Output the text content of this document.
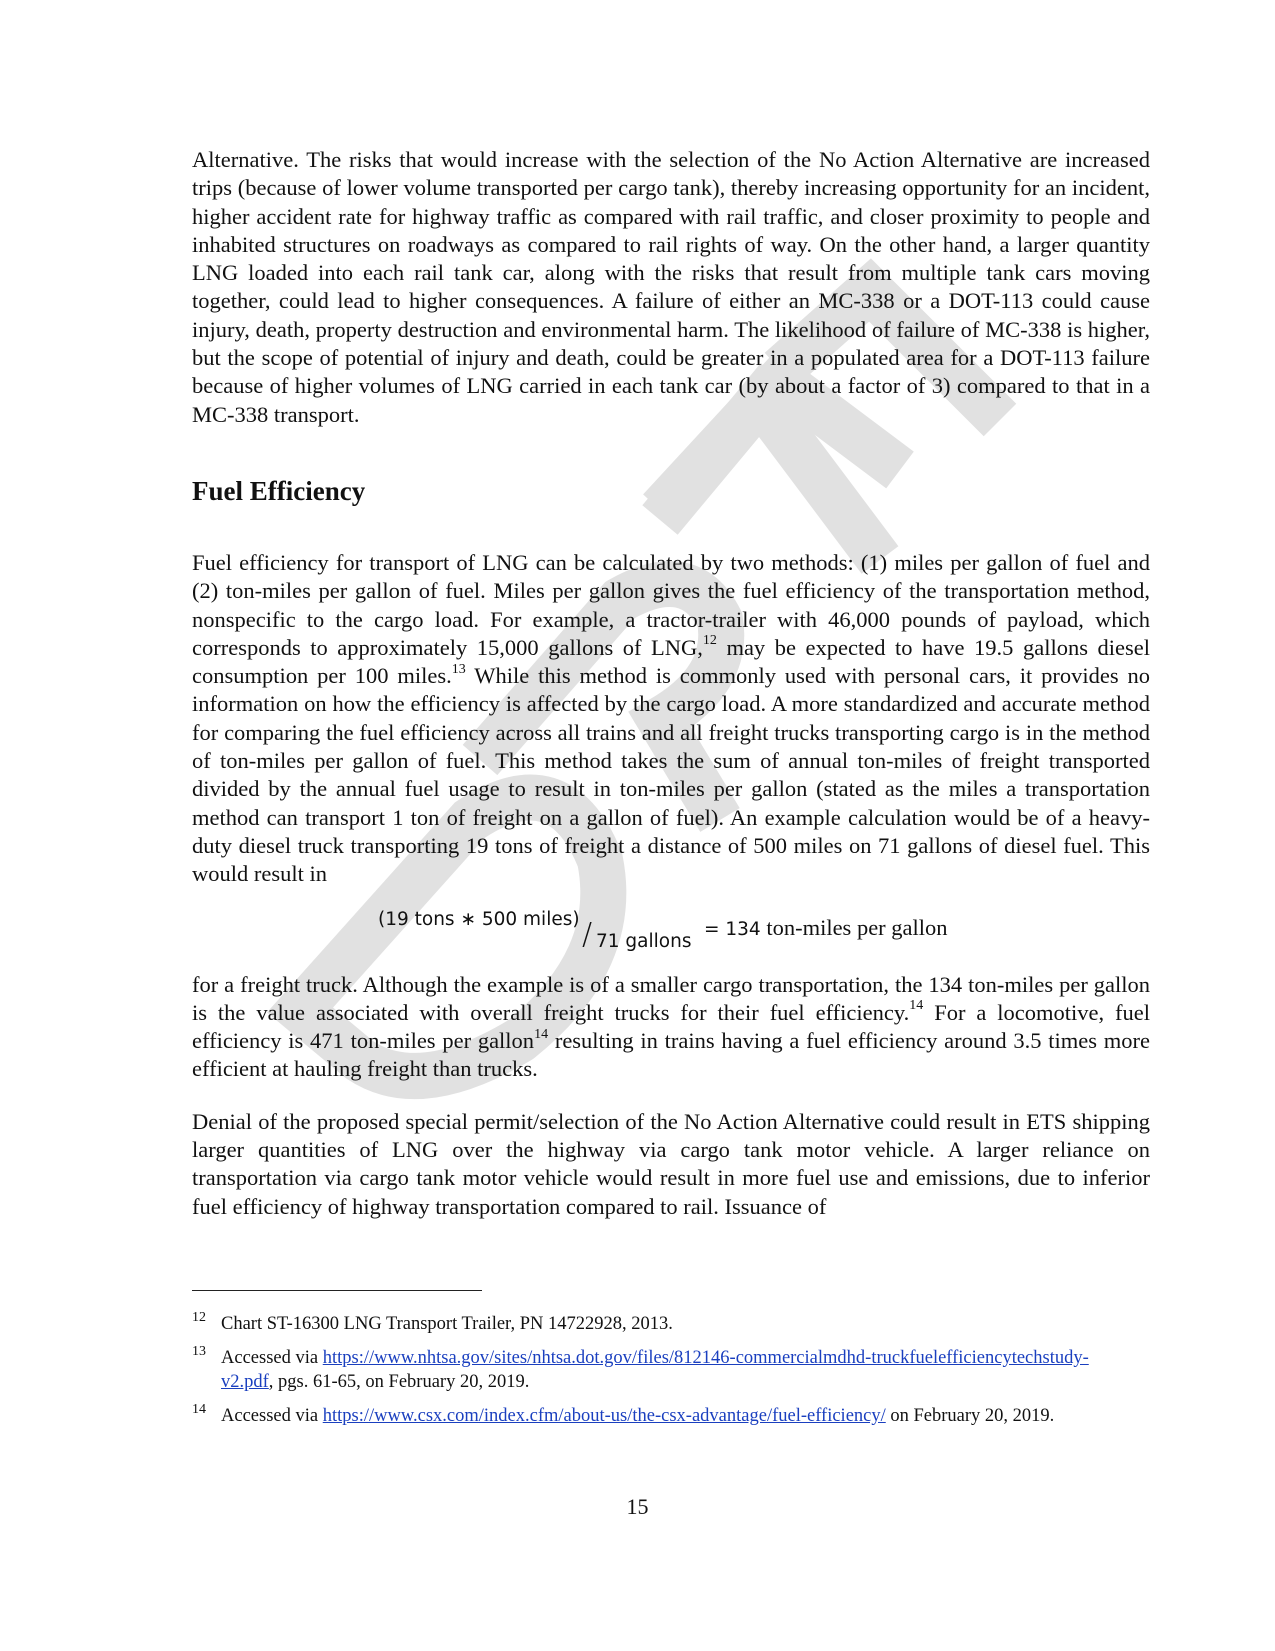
Alternative. The risks that would increase with the selection of the No Action Alternative are increased trips (because of lower volume transported per cargo tank), thereby increasing opportunity for an incident, higher accident rate for highway traffic as compared with rail traffic, and closer proximity to people and inhabited structures on roadways as compared to rail rights of way. On the other hand, a larger quantity LNG loaded into each rail tank car, along with the risks that result from multiple tank cars moving together, could lead to higher consequences. A failure of either an MC-338 or a DOT-113 could cause injury, death, property destruction and environmental harm. The likelihood of failure of MC-338 is higher, but the scope of potential of injury and death, could be greater in a populated area for a DOT-113 failure because of higher volumes of LNG carried in each tank car (by about a factor of 3) compared to that in a MC-338 transport.

Fuel Efficiency

Fuel efficiency for transport of LNG can be calculated by two methods: (1) miles per gallon of fuel and (2) ton-miles per gallon of fuel. Miles per gallon gives the fuel efficiency of the transportation method, nonspecific to the cargo load. For example, a tractor-trailer with 46,000 pounds of payload, which corresponds to approximately 15,000 gallons of LNG,$^{12}$ may be expected to have 19.5 gallons diesel consumption per 100 miles.$^{13}$ While this method is commonly used with personal cars, it provides no information on how the efficiency is affected by the cargo load. A more standardized and accurate method for comparing the fuel efficiency across all trains and all freight trucks transporting cargo is in the method of ton-miles per gallon of fuel. This method takes the sum of annual ton-miles of freight transported divided by the annual fuel usage to result in ton-miles per gallon (stated as the miles a transportation method can transport 1 ton of freight on a gallon of fuel). An example calculation would be of a heavy-duty diesel truck transporting 19 tons of freight a distance of 500 miles on 71 gallons of diesel fuel. This would result in

(19 tons ∗ 500 miles) / 71 gallons
= 134 ton-miles per gallon

for a freight truck. Although the example is of a smaller cargo transportation, the 134 ton-miles per gallon is the value associated with overall freight trucks for their fuel efficiency.$^{14}$ For a locomotive, fuel efficiency is 471 ton-miles per gallon$^{14}$ resulting in trains having a fuel efficiency around 3.5 times more efficient at hauling freight than trucks.

Denial of the proposed special permit/selection of the No Action Alternative could result in ETS shipping larger quantities of LNG over the highway via cargo tank motor vehicle. A larger reliance on transportation via cargo tank motor vehicle would result in more fuel use and emissions, due to inferior fuel efficiency of highway transportation compared to rail. Issuance of

12 Chart ST-16300 LNG Transport Trailer, PN 14722928, 2013.
13 Accessed via https://www.nhtsa.gov/sites/nhtsa.dot.gov/files/812146-commercialmdhd-truckfuelefficiencytechstudy-v2.pdf, pgs. 61-65, on February 20, 2019.
14 Accessed via https://www.csx.com/index.cfm/about-us/the-csx-advantage/fuel-efficiency/ on February 20, 2019.
15
